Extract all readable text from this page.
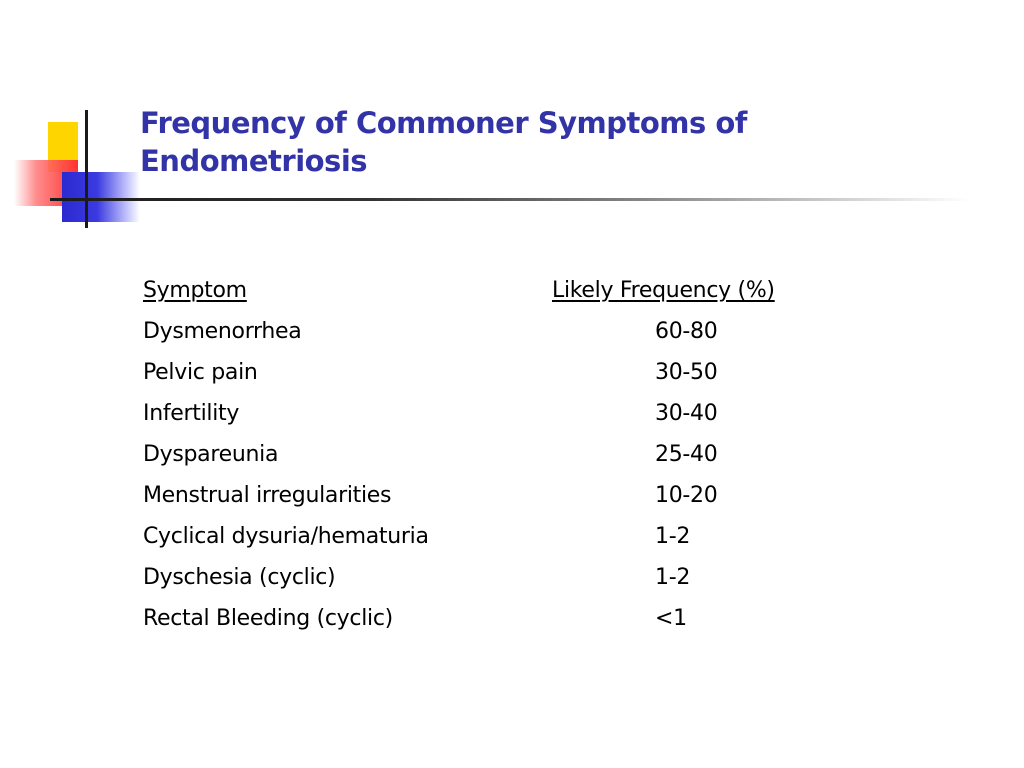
Frequency of Commoner Symptoms of
Endometriosis
Symptom	Likely Frequency (%)
Dysmenorrhea	60-80
Pelvic pain	30-50
Infertility	30-40
Dyspareunia	25-40
Menstrual irregularities	10-20
Cyclical dysuria/hematuria	1-2
Dyschesia (cyclic)	1-2
Rectal Bleeding (cyclic)	<1
